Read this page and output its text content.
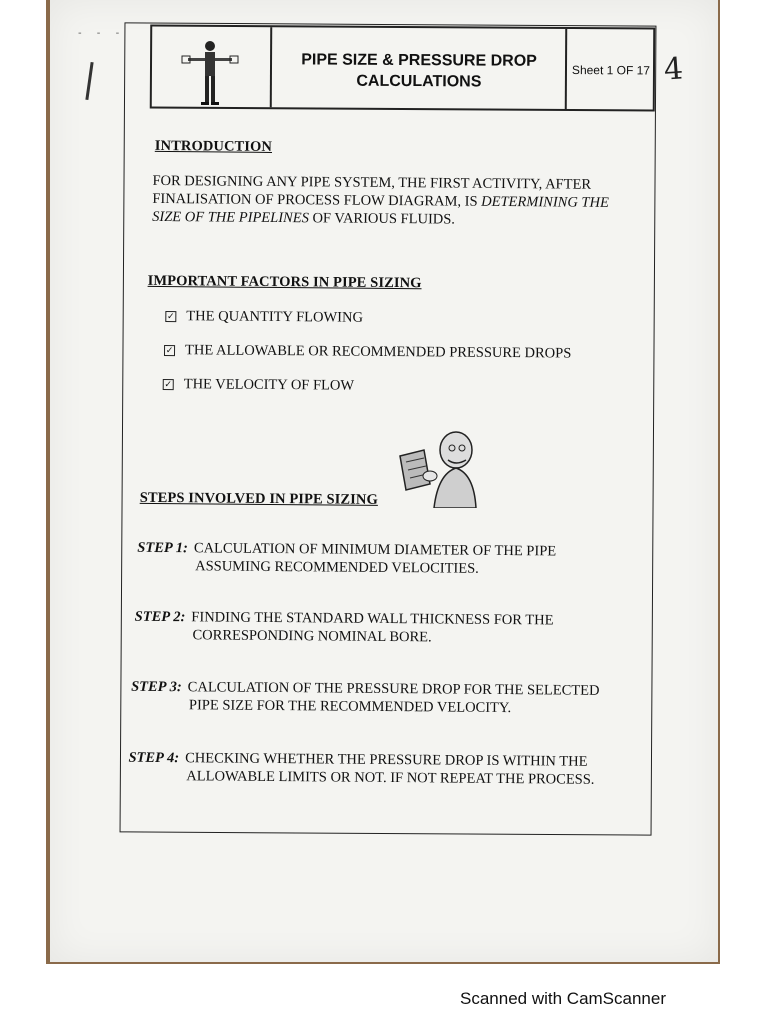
- - -
PIPE SIZE & PRESSURE DROP
CALCULATIONS
Sheet 1 OF 17 4
INTRODUCTION
FOR DESIGNING ANY PIPE SYSTEM, THE FIRST ACTIVITY, AFTER FINALISATION OF PROCESS FLOW DIAGRAM, IS DETERMINING THE SIZE OF THE PIPELINES OF VARIOUS FLUIDS.
IMPORTANT FACTORS IN PIPE SIZING
✓ THE QUANTITY FLOWING
✓ THE ALLOWABLE OR RECOMMENDED PRESSURE DROPS
✓ THE VELOCITY OF FLOW
STEPS INVOLVED IN PIPE SIZING
STEP 1: CALCULATION OF MINIMUM DIAMETER OF THE PIPE
ASSUMING RECOMMENDED VELOCITIES.
STEP 2: FINDING THE STANDARD WALL THICKNESS FOR THE
CORRESPONDING NOMINAL BORE.
STEP 3: CALCULATION OF THE PRESSURE DROP FOR THE SELECTED
PIPE SIZE FOR THE RECOMMENDED VELOCITY.
STEP 4: CHECKING WHETHER THE PRESSURE DROP IS WITHIN THE
ALLOWABLE LIMITS OR NOT. IF NOT REPEAT THE PROCESS.
Scanned with CamScanner
